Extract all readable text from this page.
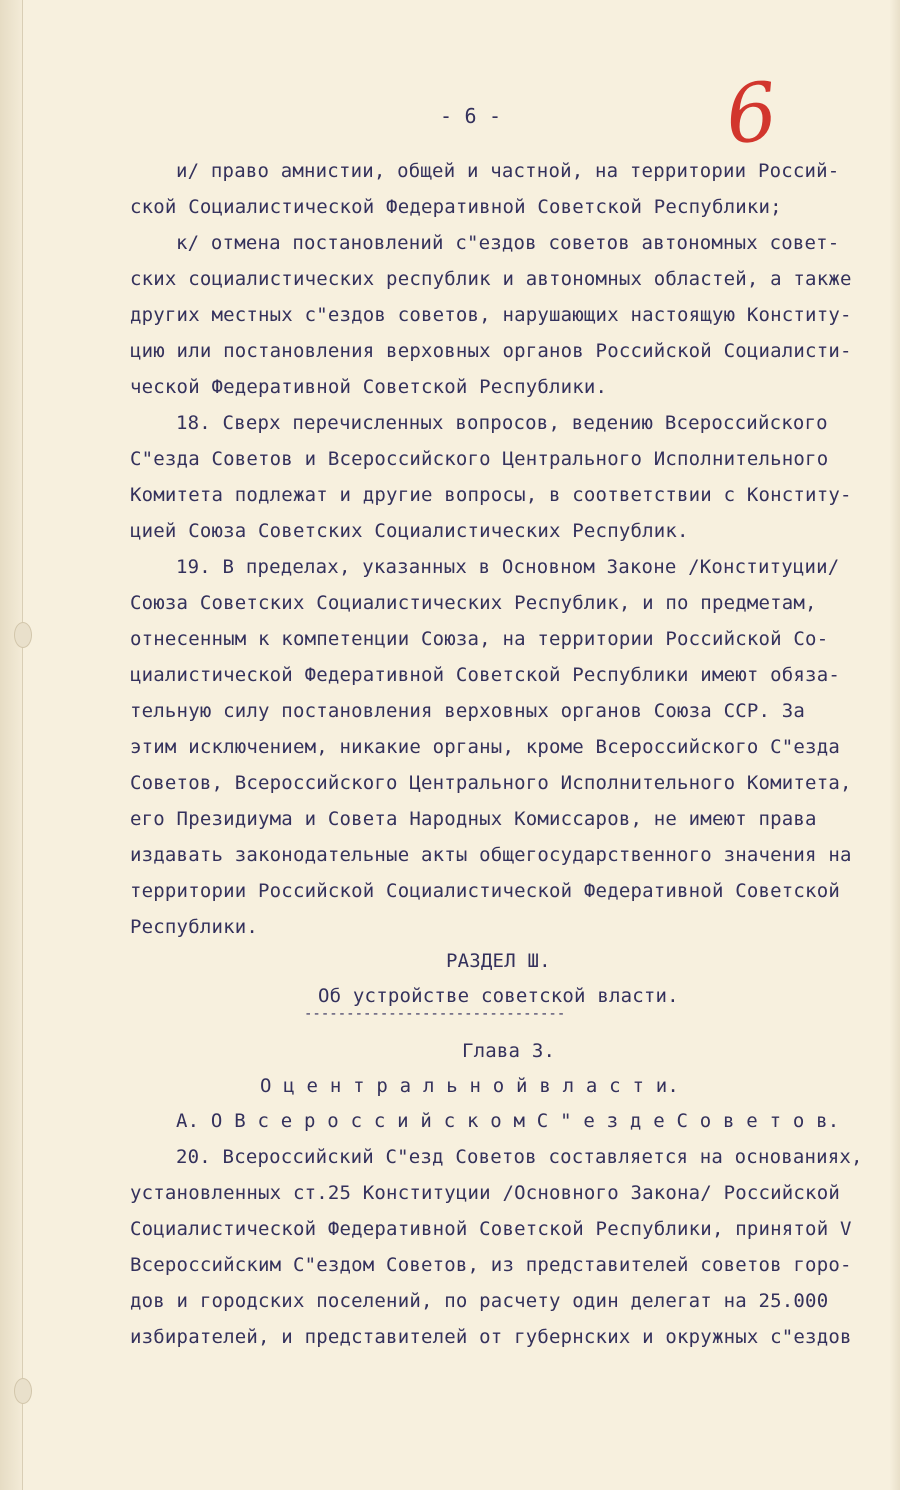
- 6 -	6
и/ право амнистии, общей и частной, на территории Россий-
ской Социалистической Федеративной Советской Республики;
к/ отмена постановлений с"ездов советов автономных совет-
ских социалистических республик и автономных областей, а также
других местных с"ездов советов, нарушающих настоящую Конститу-
цию или постановления верховных органов Российской Социалисти-
ческой Федеративной Советской Республики.
18. Сверх перечисленных вопросов, ведению Всероссийского
С"езда Советов и Всероссийского Центрального Исполнительного
Комитета подлежат и другие вопросы, в соответствии с Конститу-
цией Союза Советских Социалистических Республик.
19. В пределах, указанных в Основном Законе /Конституции/
Союза Советских Социалистических Республик, и по предметам,
отнесенным к компетенции Союза, на территории Российской Со-
циалистической Федеративной Советской Республики имеют обяза-
тельную силу постановления верховных органов Союза ССР. За
этим исключением, никакие органы, кроме Всероссийского С"езда
Советов, Всероссийского Центрального Исполнительного Комитета,
его Президиума и Совета Народных Комиссаров, не имеют права
издавать законодательные акты общегосударственного значения на
территории Российской Социалистической Федеративной Советской
Республики.
РАЗДЕЛ Ш.
Об устройстве советской власти.
-------------------------------
Глава 3.
О ц е н т р а л ь н о й в л а с т и.
А. О В с е р о с с и й с к о м С " е з д е С о в е т о в.
20. Всероссийский С"езд Советов составляется на основаниях,
установленных ст.25 Конституции /Основного Закона/ Российской
Социалистической Федеративной Советской Республики, принятой V
Всероссийским С"ездом Советов, из представителей советов горо-
дов и городских поселений, по расчету один делегат на 25.000
избирателей, и представителей от губернских и окружных с"ездов
